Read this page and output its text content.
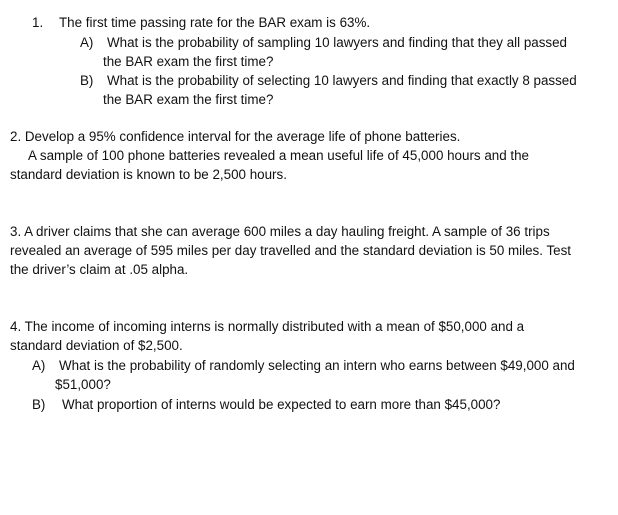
1. The first time passing rate for the BAR exam is 63%.
A) What is the probability of sampling 10 lawyers and finding that they all passed
the BAR exam the first time?
B) What is the probability of selecting 10 lawyers and finding that exactly 8 passed
the BAR exam the first time?
2. Develop a 95% confidence interval for the average life of phone batteries.
A sample of 100 phone batteries revealed a mean useful life of 45,000 hours and the
standard deviation is known to be 2,500 hours.
3. A driver claims that she can average 600 miles a day hauling freight. A sample of 36 trips
revealed an average of 595 miles per day travelled and the standard deviation is 50 miles. Test
the driver’s claim at .05 alpha.
4. The income of incoming interns is normally distributed with a mean of $50,000 and a
standard deviation of $2,500.
A) What is the probability of randomly selecting an intern who earns between $49,000 and
$51,000?
B) What proportion of interns would be expected to earn more than $45,000?
